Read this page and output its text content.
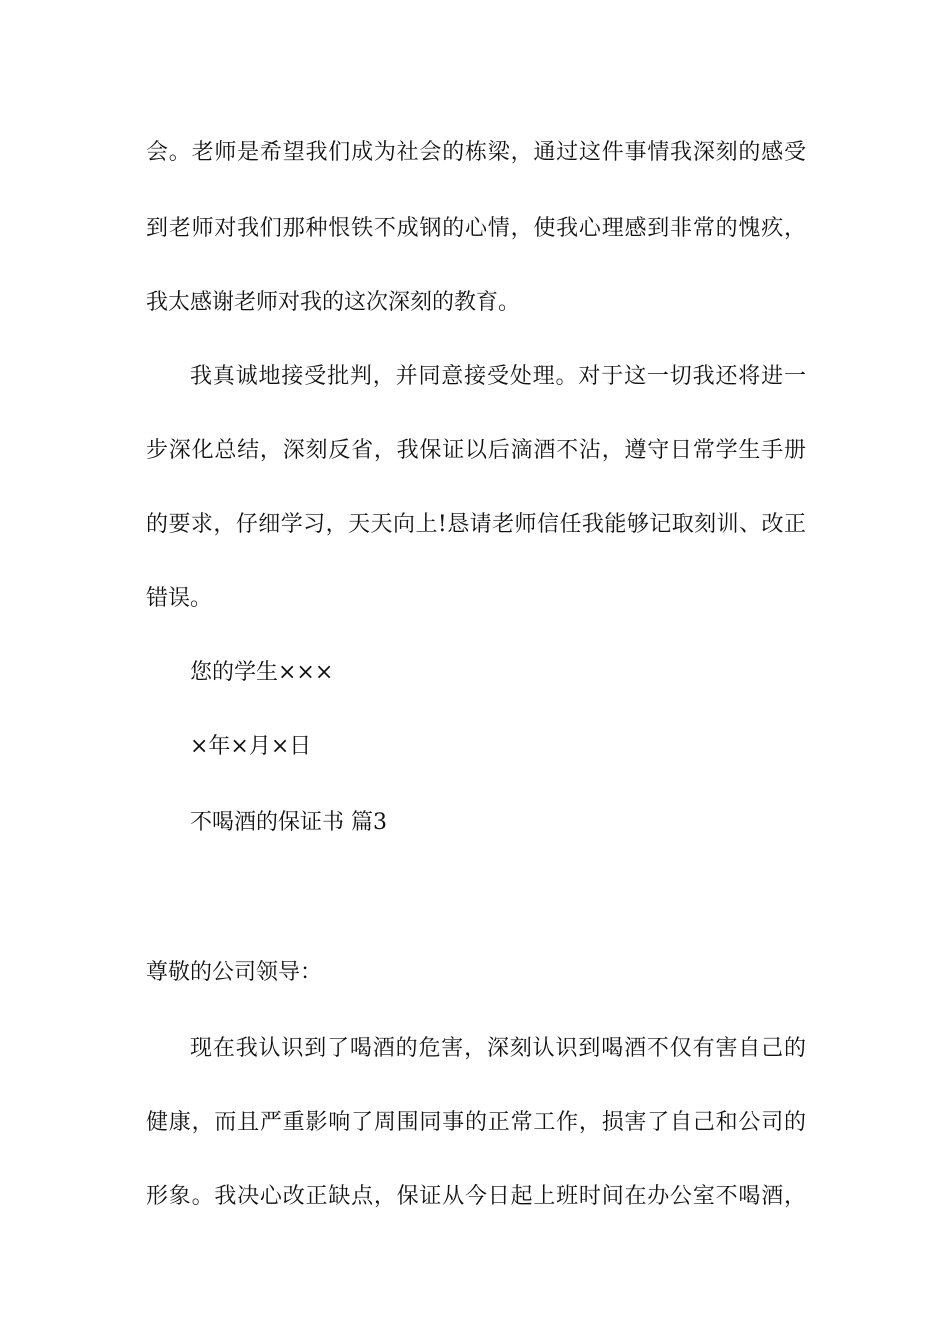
会。老师是希望我们成为社会的栋梁，通过这件事情我深刻的感受
到老师对我们那种恨铁不成钢的心情，使我心理感到非常的愧疚，
我太感谢老师对我的这次深刻的教育。
我真诚地接受批判，并同意接受处理。对于这一切我还将进一
步深化总结，深刻反省，我保证以后滴酒不沾，遵守日常学生手册
的要求，仔细学习，天天向上!恳请老师信任我能够记取刻训、改正
错误。
您的学生×××
×年×月×日
不喝酒的保证书 篇3
尊敬的公司领导：
现在我认识到了喝酒的危害，深刻认识到喝酒不仅有害自己的
健康，而且严重影响了周围同事的正常工作，损害了自己和公司的
形象。我决心改正缺点，保证从今日起上班时间在办公室不喝酒，
